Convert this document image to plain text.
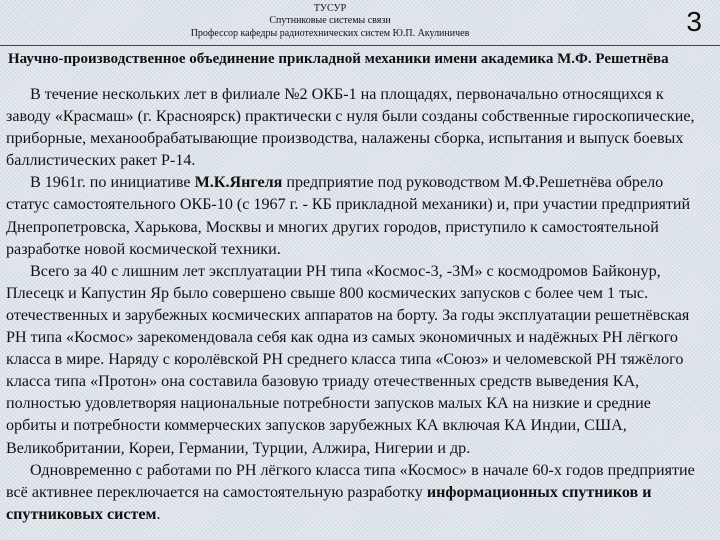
ТУСУР
Спутниковые системы связи
Профессор кафедры радиотехнических систем Ю.П. Акулиничев	3
Научно-производственное объединение прикладной механики имени академика М.Ф. Решетнёва

В течение нескольких лет в филиале №2 ОКБ-1 на площадях, первоначально относящихся к заводу «Красмаш» (г. Красноярск) практически с нуля были созданы собственные гироскопические, приборные, механообрабатывающие производства, налажены сборка, испытания и выпуск боевых баллистических ракет Р-14.

В 1961г. по инициативе М.К.Янгеля предприятие под руководством М.Ф.Решетнёва обрело статус самостоятельного ОКБ-10 (с 1967 г. - КБ прикладной механики) и, при участии предприятий Днепропетровска, Харькова, Москвы и многих других городов, приступило к самостоятельной разработке новой космической техники.

Всего за 40 с лишним лет эксплуатации РН типа «Космос-3, -3М» с космодромов Байконур, Плесецк и Капустин Яр было совершено свыше 800 космических запусков с более чем 1 тыс. отечественных и зарубежных космических аппаратов на борту. За годы эксплуатации решетнёвская РН типа «Космос» зарекомендовала себя как одна из самых экономичных и надёжных РН лёгкого класса в мире. Наряду с королёвской РН среднего класса типа «Союз» и челомевской РН тяжёлого класса типа «Протон» она составила базовую триаду отечественных средств выведения КА, полностью удовлетворяя национальные потребности запусков малых КА на низкие и средние орбиты и потребности коммерческих запусков зарубежных КА включая КА Индии, США, Великобритании, Кореи, Германии, Турции, Алжира, Нигерии и др.

Одновременно с работами по РН лёгкого класса типа «Космос» в начале 60-х годов предприятие всё активнее переключается на самостоятельную разработку информационных спутников и спутниковых систем.
